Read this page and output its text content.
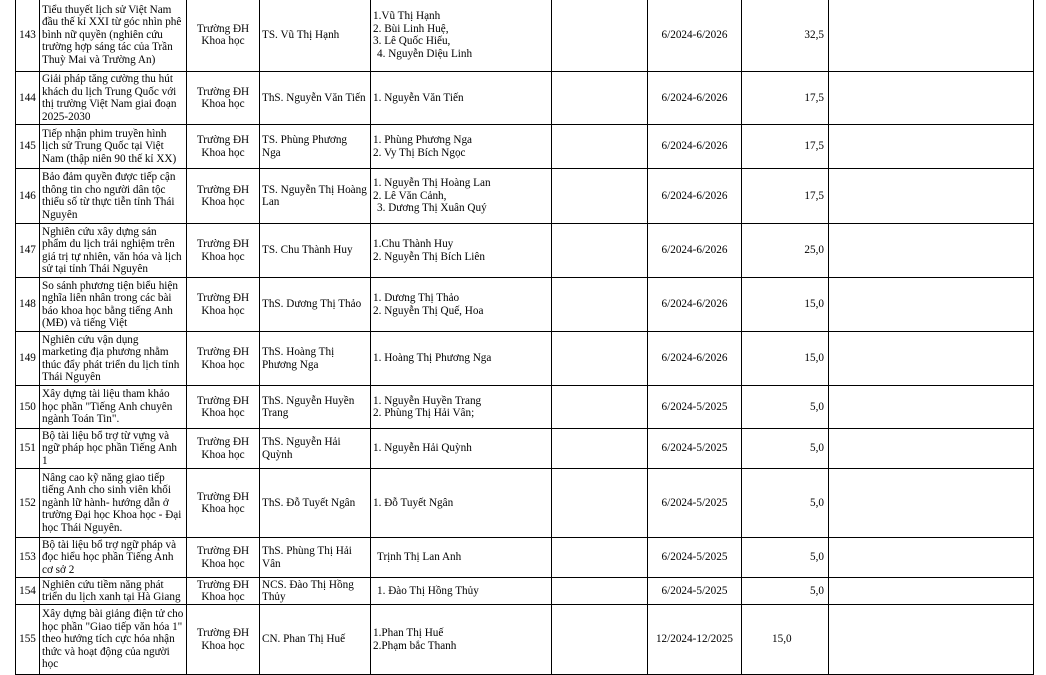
143	Tiểu thuyết lịch sử Việt Nam đầu thế kỉ XXI từ góc nhìn phê bình nữ quyền (nghiên cứu trường hợp sáng tác của Trần Thuỳ Mai và Trường An)	Trường ĐH Khoa học	TS. Vũ Thị Hạnh	1.Vũ Thị Hạnh
2. Bùi Linh Huệ,
3. Lê Quốc Hiếu,
4. Nguyễn Diệu Linh		6/2024-6/2026	32,5	
144	Giải pháp tăng cường thu hút khách du lịch Trung Quốc với thị trường Việt Nam giai đoạn 2025-2030	Trường ĐH Khoa học	ThS. Nguyễn Văn Tiến	1. Nguyễn Văn Tiến		6/2024-6/2026	17,5	
145	Tiếp nhận phim truyền hình lịch sử Trung Quốc tại Việt Nam (thập niên 90 thế kỉ XX)	Trường ĐH Khoa học	TS. Phùng Phương Nga	1. Phùng Phương Nga
2. Vy Thị Bích Ngọc		6/2024-6/2026	17,5	
146	Bảo đảm quyền được tiếp cận thông tin cho người dân tộc thiểu số từ thực tiễn tỉnh Thái Nguyên	Trường ĐH Khoa học	TS. Nguyễn Thị Hoàng Lan	1. Nguyễn Thị Hoàng Lan
2. Lê Văn Cảnh,
3. Dương Thị Xuân Quý		6/2024-6/2026	17,5	
147	Nghiên cứu xây dựng sản phẩm du lịch trải nghiệm trên giá trị tự nhiên, văn hóa và lịch sử tại tỉnh Thái Nguyên	Trường ĐH Khoa học	TS. Chu Thành Huy	1.Chu Thành Huy
2. Nguyễn Thị Bích Liên		6/2024-6/2026	25,0	
148	So sánh phương tiện biểu hiện nghĩa liên nhân trong các bài báo khoa học bằng tiếng Anh (MĐ) và tiếng Việt	Trường ĐH Khoa học	ThS. Dương Thị Thảo	1. Dương Thị Thảo
2. Nguyễn Thị Quế, Hoa		6/2024-6/2026	15,0	
149	Nghiên cứu vận dụng marketing địa phương nhằm thúc đẩy phát triển du lịch tỉnh Thái Nguyên	Trường ĐH Khoa học	ThS. Hoàng Thị Phương Nga	1. Hoàng Thị Phương Nga		6/2024-6/2026	15,0	
150	Xây dựng tài liệu tham khảo học phần "Tiếng Anh chuyên ngành Toán Tin".	Trường ĐH Khoa học	ThS. Nguyễn Huyền Trang	1. Nguyễn Huyền Trang
2. Phùng Thị Hải Vân;		6/2024-5/2025	5,0	
151	Bộ tài liệu bổ trợ từ vựng và ngữ pháp học phần Tiếng Anh 1	Trường ĐH Khoa học	ThS. Nguyễn Hải Quỳnh	1. Nguyễn Hải Quỳnh		6/2024-5/2025	5,0	
152	Nâng cao kỹ năng giao tiếp tiếng Anh cho sinh viên khối ngành lữ hành- hướng dẫn ở trường Đại học Khoa học - Đại học Thái Nguyên.	Trường ĐH Khoa học	ThS. Đỗ Tuyết Ngân	1. Đỗ Tuyết Ngân		6/2024-5/2025	5,0	
153	Bộ tài liệu bổ trợ ngữ pháp và đọc hiểu học phần Tiếng Anh cơ sở 2	Trường ĐH Khoa học	ThS. Phùng Thị Hải Vân	Trịnh Thị Lan Anh		6/2024-5/2025	5,0	
154	Nghiên cứu tiềm năng phát triển du lịch xanh tại Hà Giang	Trường ĐH Khoa học	NCS. Đào Thị Hồng Thủy	1. Đào Thị Hồng Thủy		6/2024-5/2025	5,0	
155	Xây dựng bài giảng điện tử cho học phần "Giao tiếp văn hóa 1" theo hướng tích cực hóa nhận thức và hoạt động của người học	Trường ĐH Khoa học	CN. Phan Thị Huế	1.Phan Thị Huế
2.Phạm bắc Thanh		12/2024-12/2025	15,0	
